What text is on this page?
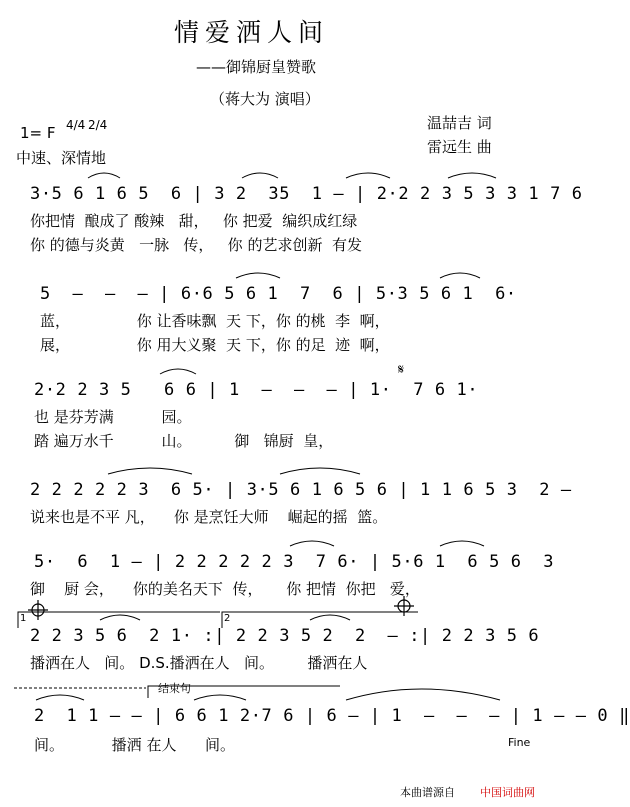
情爱洒人间
——御锦厨皇赞歌
（蒋大为 演唱）
温喆吉 词
雷远生 曲
1= F 4/4 2/4
中速、深情地
3·5 6 1 6 5  6 | 3 2  35  1 – | 2·2 2 3 5 3 3 1 7 6
你把情  酿成了 酸辣   甜，   你 把爱  编织成红绿
你 的德与炎黄   一脉   传，   你 的艺求创新  有发
5  –  –  – | 6·6 5 6 1  7  6 | 5·3 5 6 1  6·
蓝，              你 让香味飘  天 下，你 的桃  李  啊，
展，              你 用大义聚  天 下，你 的足  迹  啊，
2·2 2 3 5   6 6 | 1  –  –  – | 1·  7 6 1·
也 是芬芳满          园。
踏 遍万水千          山。         御   锦厨  皇，
2 2 2 2 2 3  6 5· | 3·5 6 1 6 5 6 | 1 1 6 5 3  2 –
说来也是不平 凡，    你 是烹饪大师    崛起的摇  篮。
5·  6  1 – | 2 2 2 2 2 3  7 6· | 5·6 1  6 5 6  3
御    厨 会，    你的美名天下  传，     你 把情  你把   爱，
1	2
2 2 3 5 6  2 1· :| 2 2 3 5 2  2  – :| 2 2 3 5 6
播洒在人   间。 D.S.播洒在人   间。       播洒在人
结束句
2  1 1 – – | 6 6 1 2·7 6 | 6 – | 1  –  –  – | 1 – – 0 ‖
间。          播洒 在人      间。	Fine
本曲谱源自 中国词曲网
𝄋
